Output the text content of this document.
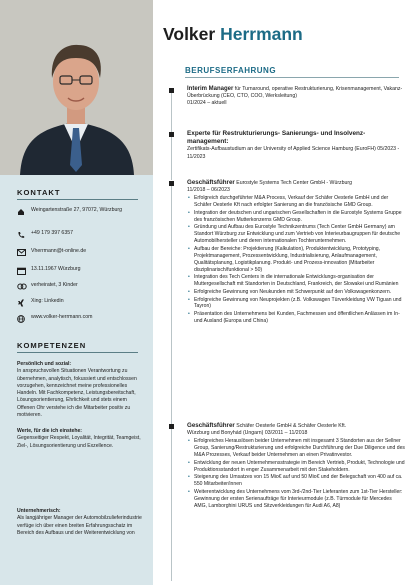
KONTAKT
Weingartenstraße 27, 97072, Würzburg
+49 179 397 6357
Vherrmann@t-online.de
13.11.1967 Würzburg
verheiratet, 3 Kinder
Xing: Linkedin
www.volker-herrmann.com
KOMPETENZEN
Persönlich und sozial:
In anspruchsvollen Situationen Verantwortung zu übernehmen, analytisch, fokussiert und entschlossen vorzugehen, kennzeichnet meine professionelles Handeln. Mit Fachkompetenz, Leistungsbereitschaft, Lösungsorientierung, Ehrlichkeit und stets einem Offenen Ohr verstehe ich die Mitarbeiter positiv zu motivieren.
Werte, für die ich einstehe:
Gegenseitiger Respekt, Loyalität, Integrität, Teamgeist, Ziel-, Lösungsorientierung und Exzellence.
Unternehmerisch:
Als langjähriger Manager der Automobilzulieferindustrie verfüge ich über einen breiten Erfahrungsschatz im Bereich des Aufbaus und der Weiterentwicklung von
Volker Herrmann
BERUFSERFAHRUNG
Interim Manager für Turnaround, operative Restrukturierung, Krisenmanagement, Vakanz-Überbrückung (CEO, CTO, COO, Werksleitung)
01/2024 – aktuell
Experte für Restrukturierungs- Sanierungs- und Insolvenz-management:
Zertifikats-Aufbaustudium an der University of Applied Science Hamburg (EuroFH) 05/2023 - 11/2023
Geschäftsführer Eurostyle Systems Tech Center GmbH - Würzburg
11/2018 – 06/2023
• Erfolgreich durchgeführter M&A Process, Verkauf der Schäfer Oesterle GmbH und der Schäfer Oesterle Kft nach erfolgter Sanierung an die französische GMD Group.
• Integration der deutschen und ungarischen Gesellschaften in die Eurostyle Systems Gruppe des französischen Mutterkonzerns GMD Group.
• Gründung und Aufbau des Eurostyle Technikzentrums (Tech Center GmbH Germany) am Standort Würzburg zur Entwicklung und zum Vertrieb von Interieurbaugruppen für deutsche Automobilhersteller und deren internationalen Tochterunternehmen.
• Aufbau der Bereiche: Projektierung (Kalkulation), Produktentwicklung, Prototyping, Projektmanagement, Prozessentwicklung, Industrialisierung, Anlaufmanagement, Qualitätsplanung, Logistikplanung. Produkt- und Prozess-innovation (Mitarbeiter disziplinarisch/funktional > 50)
• Integration des Tech Centers in die internationale Entwicklungs-organisation der Muttergesellschaft mit Standorten in Deutschland, Frankreich, der Slowakei und Rumänien
• Erfolgreiche Gewinnung von Neukunden mit Schwerpunkt auf den Volkswagenkonzern.
• Erfolgreiche Gewinnung von Neuprojekten (z.B. Volkswagen Türverkleidung VW Tiguan und Tayron)
• Präsentation des Unternehmens bei Kunden, Fachmessen und öffentlichen Anlässen im In- und Ausland (Europa und China)
Geschäftsführer Schäfer Oesterle GmbH & Schäfer Oesterle Kft.
Würzburg und Bonyhád (Ungarn) 03/2011 – 11/2018
• Erfolgreiches Herauslösen beider Unternehmen mit insgesamt 3 Standorten aus der Sellner Group, Sanierung/Restrukturierung und erfolgreiche Durchführung der Due Diligence und des M&A Prozesses, Verkauf beider Unternehmen an einen Privatinvestor.
• Entwicklung der neuen Unternehmensstrategie im Bereich Vertrieb, Produkt, Technologie und Produktionsstandort in enger Zusammenarbeit mit den Stakeholdern.
• Steigerung des Umsatzes von 15 Mio€ auf und 50 Mio€ und der Belegschaft von 400 auf ca. 550 Mitarbeiter/innen
• Weiterentwicklung des Unternehmens vom 3rd-/2nd-Tier Lieferanten zum 1st-Tier Hersteller: Gewinnung der ersten Serienaufträge für Interieurmodule (z.B. Türmodule für Mercedes AMG, Lamborghini URUS und Sitzverkleidungen für Audi A6, A8)
